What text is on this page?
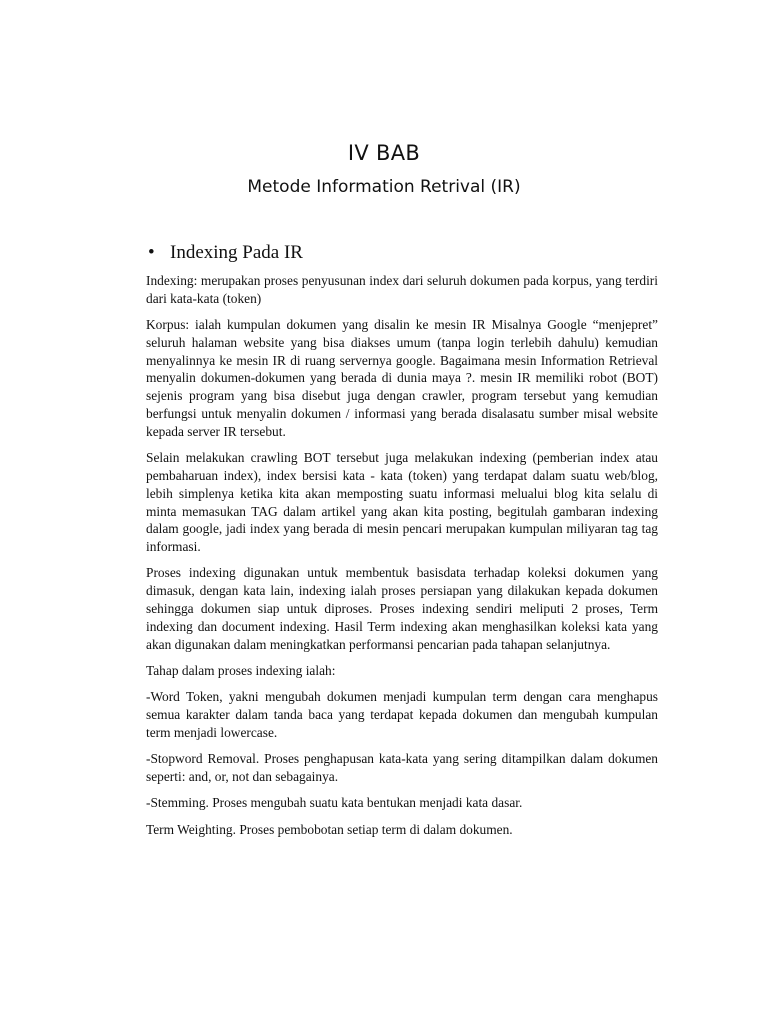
IV BAB
Metode Information Retrival (IR)
• Indexing Pada IR

Indexing: merupakan proses penyusunan index dari seluruh dokumen pada korpus, yang terdiri dari kata-kata (token)

Korpus: ialah kumpulan dokumen yang disalin ke mesin IR Misalnya Google “menjepret” seluruh halaman website yang bisa diakses umum (tanpa login terlebih dahulu) kemudian menyalinnya ke mesin IR di ruang servernya google. Bagaimana mesin Information Retrieval menyalin dokumen-dokumen yang berada di dunia maya ?. mesin IR memiliki robot (BOT) sejenis program yang bisa disebut juga dengan crawler, program tersebut yang kemudian berfungsi untuk menyalin dokumen / informasi yang berada disalasatu sumber misal website kepada server IR tersebut.

Selain melakukan crawling BOT tersebut juga melakukan indexing (pemberian index atau pembaharuan index), index bersisi kata - kata (token) yang terdapat dalam suatu web/blog, lebih simplenya ketika kita akan memposting suatu informasi melualui blog kita selalu di minta memasukan TAG dalam artikel yang akan kita posting, begitulah gambaran indexing dalam google, jadi index yang berada di mesin pencari merupakan kumpulan miliyaran tag tag informasi.

Proses indexing digunakan untuk membentuk basisdata terhadap koleksi dokumen yang dimasuk, dengan kata lain, indexing ialah proses persiapan yang dilakukan kepada dokumen sehingga dokumen siap untuk diproses. Proses indexing sendiri meliputi 2 proses, Term indexing dan document indexing. Hasil Term indexing akan menghasilkan koleksi kata yang akan digunakan dalam meningkatkan performansi pencarian pada tahapan selanjutnya.

Tahap dalam proses indexing ialah:

-Word Token, yakni mengubah dokumen menjadi kumpulan term dengan cara menghapus semua karakter dalam tanda baca yang terdapat kepada dokumen dan mengubah kumpulan term menjadi lowercase.

-Stopword Removal. Proses penghapusan kata-kata yang sering ditampilkan dalam dokumen seperti: and, or, not dan sebagainya.

-Stemming. Proses mengubah suatu kata bentukan menjadi kata dasar.

Term Weighting. Proses pembobotan setiap term di dalam dokumen.
